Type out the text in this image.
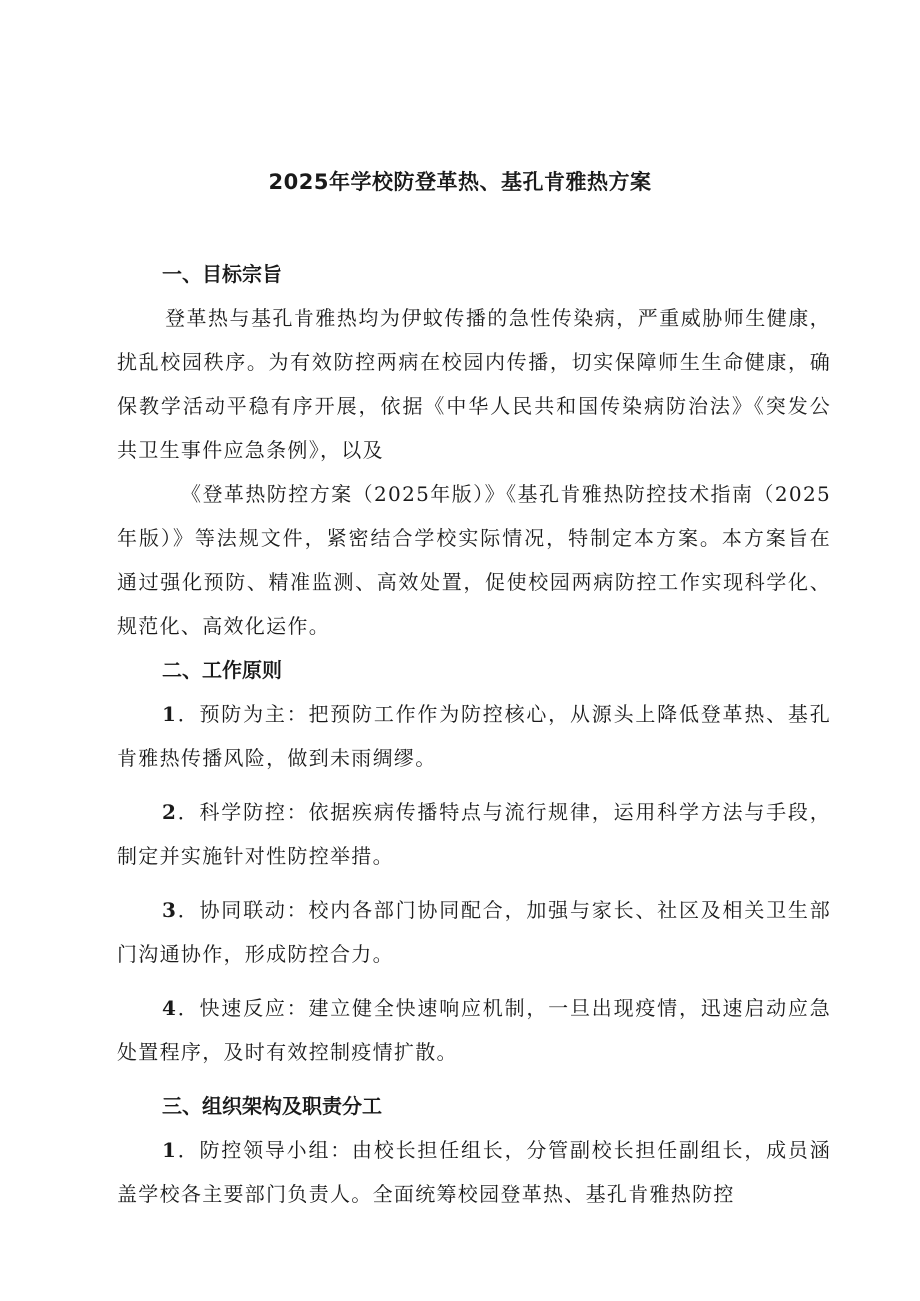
2025年学校防登革热、基孔肯雅热方案
一、目标宗旨

登革热与基孔肯雅热均为伊蚊传播的急性传染病，严重威胁师生健康，扰乱校园秩序。为有效防控两病在校园内传播，切实保障师生生命健康，确保教学活动平稳有序开展，依据《中华人民共和国传染病防治法》《突发公共卫生事件应急条例》，以及

《登革热防控方案（2025年版）》《基孔肯雅热防控技术指南（2025年版）》等法规文件，紧密结合学校实际情况，特制定本方案。本方案旨在通过强化预防、精准监测、高效处置，促使校园两病防控工作实现科学化、规范化、高效化运作。

二、工作原则

1．预防为主：把预防工作作为防控核心，从源头上降低登革热、基孔肯雅热传播风险，做到未雨绸缪。

2．科学防控：依据疾病传播特点与流行规律，运用科学方法与手段，制定并实施针对性防控举措。

3．协同联动：校内各部门协同配合，加强与家长、社区及相关卫生部门沟通协作，形成防控合力。

4．快速反应：建立健全快速响应机制，一旦出现疫情，迅速启动应急处置程序，及时有效控制疫情扩散。

三、组织架构及职责分工

1．防控领导小组：由校长担任组长，分管副校长担任副组长，成员涵盖学校各主要部门负责人。全面统筹校园登革热、基孔肯雅热防控
